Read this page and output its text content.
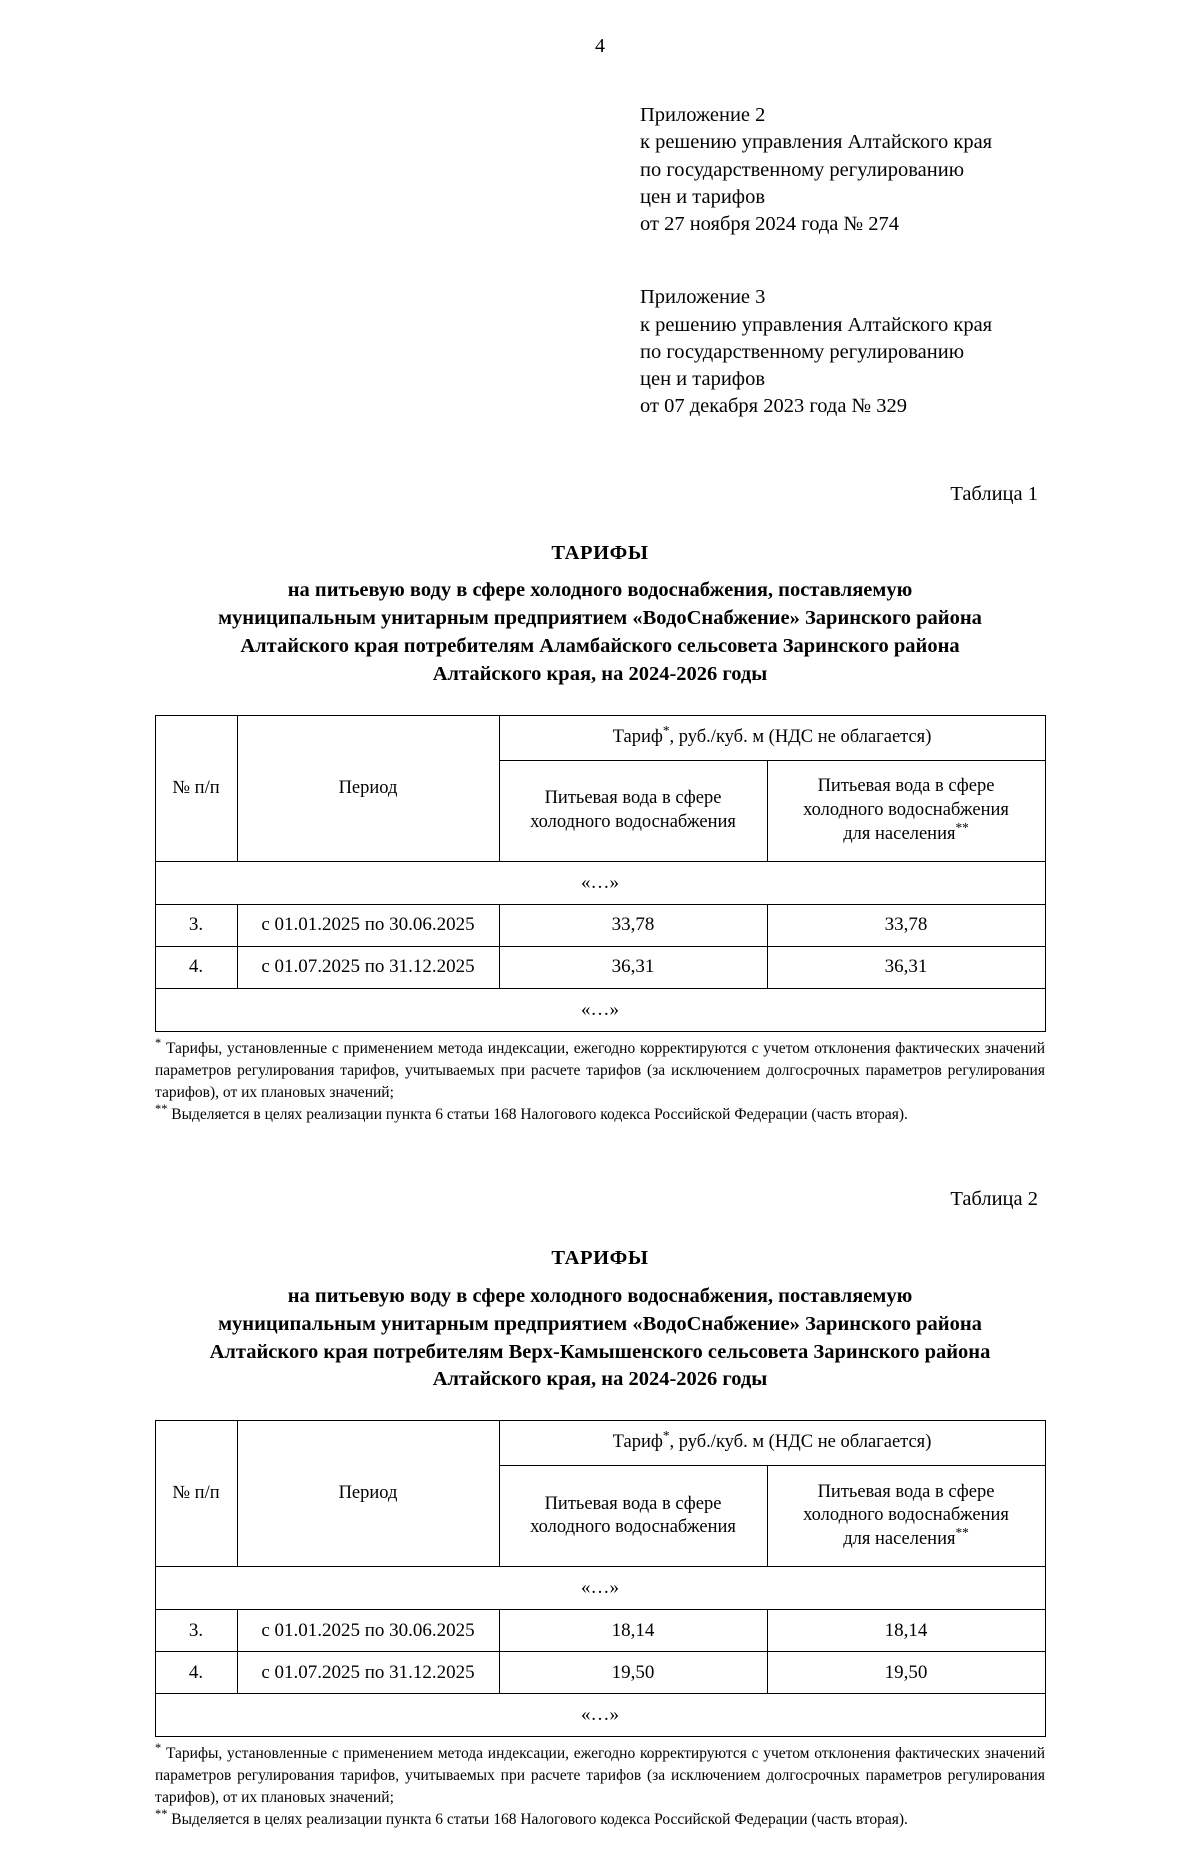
4
Приложение 2
к решению управления Алтайского края
по государственному регулированию
цен и тарифов
от 27 ноября 2024 года № 274
Приложение 3
к решению управления Алтайского края
по государственному регулированию
цен и тарифов
от 07 декабря 2023 года № 329
Таблица 1
ТАРИФЫ
на питьевую воду в сфере холодного водоснабжения, поставляемую
муниципальным унитарным предприятием «ВодоСнабжение» Заринского района
Алтайского края потребителям Аламбайского сельсовета Заринского района
Алтайского края, на 2024-2026 годы
№ п/п	Период	Тариф*, руб./куб. м (НДС не облагается)	

Питьевая вода в сфере
холодного водоснабжения

Питьевая вода в сфере
холодного водоснабжения
для населения**

«…»			
3.	с 01.01.2025 по 30.06.2025	33,78	33,78
4.	с 01.07.2025 по 31.12.2025	36,31	36,31
«…»			

* Тарифы, установленные с применением метода индексации, ежегодно корректируются с учетом отклонения фактических значений параметров регулирования тарифов, учитываемых при расчете тарифов (за исключением долгосрочных параметров регулирования тарифов), от их плановых значений;

** Выделяется в целях реализации пункта 6 статьи 168 Налогового кодекса Российской Федерации (часть вторая).

Таблица 2
ТАРИФЫ
на питьевую воду в сфере холодного водоснабжения, поставляемую
муниципальным унитарным предприятием «ВодоСнабжение» Заринского района
Алтайского края потребителям Верх-Камышенского сельсовета Заринского района
Алтайского края, на 2024-2026 годы
№ п/п	Период	Тариф*, руб./куб. м (НДС не облагается)	

Питьевая вода в сфере
холодного водоснабжения

Питьевая вода в сфере
холодного водоснабжения
для населения**

«…»			
3.	с 01.01.2025 по 30.06.2025	18,14	18,14
4.	с 01.07.2025 по 31.12.2025	19,50	19,50
«…»			

* Тарифы, установленные с применением метода индексации, ежегодно корректируются с учетом отклонения фактических значений параметров регулирования тарифов, учитываемых при расчете тарифов (за исключением долгосрочных параметров регулирования тарифов), от их плановых значений;

** Выделяется в целях реализации пункта 6 статьи 168 Налогового кодекса Российской Федерации (часть вторая).
